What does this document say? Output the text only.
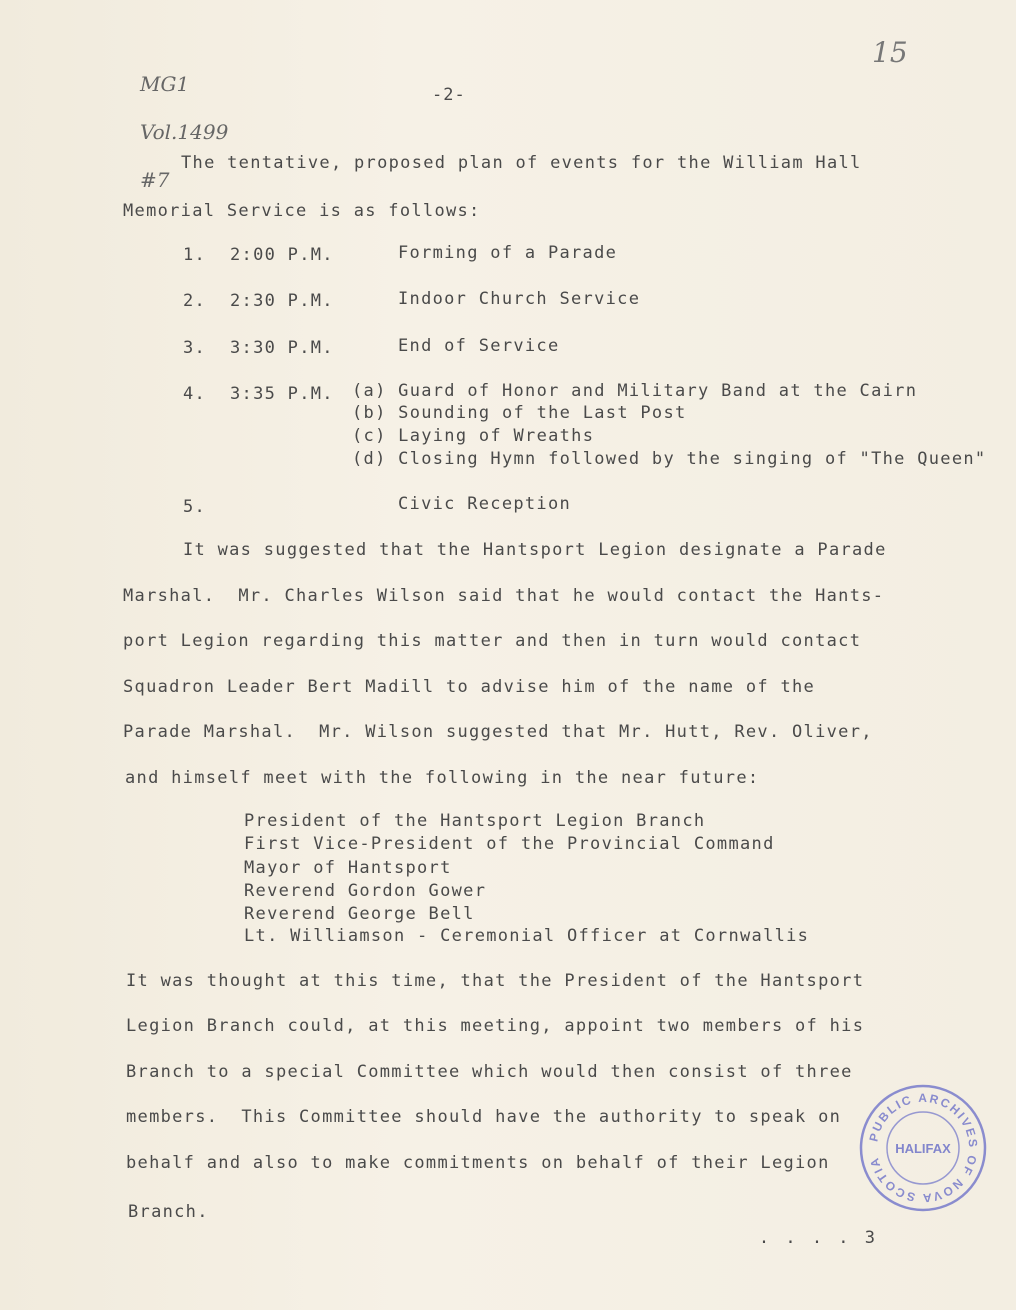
MG1

Vol.1499

#7

15
-2-
The tentative, proposed plan of events for the William Hall
Memorial Service is as follows:
1. 2:00 P.M.	Forming of a Parade
2. 2:30 P.M.	Indoor Church Service
3. 3:30 P.M.	End of Service
4. 3:35 P.M. (a) Guard of Honor and Military Band at the Cairn
(b) Sounding of the Last Post
(c) Laying of Wreaths
(d) Closing Hymn followed by the singing of "The Queen"
5.	Civic Reception
It was suggested that the Hantsport Legion designate a Parade
Marshal.  Mr. Charles Wilson said that he would contact the Hants-
port Legion regarding this matter and then in turn would contact
Squadron Leader Bert Madill to advise him of the name of the
Parade Marshal.  Mr. Wilson suggested that Mr. Hutt, Rev. Oliver,
and himself meet with the following in the near future:
President of the Hantsport Legion Branch
First Vice-President of the Provincial Command
Mayor of Hantsport
Reverend Gordon Gower
Reverend George Bell
Lt. Williamson - Ceremonial Officer at Cornwallis
It was thought at this time, that the President of the Hantsport
Legion Branch could, at this meeting, appoint two members of his
Branch to a special Committee which would then consist of three
members.  This Committee should have the authority to speak on
behalf and also to make commitments on behalf of their Legion
Branch.
. . . . 3
PUBLIC ARCHIVES OF NOVA SCOTIA
HALIFAX
